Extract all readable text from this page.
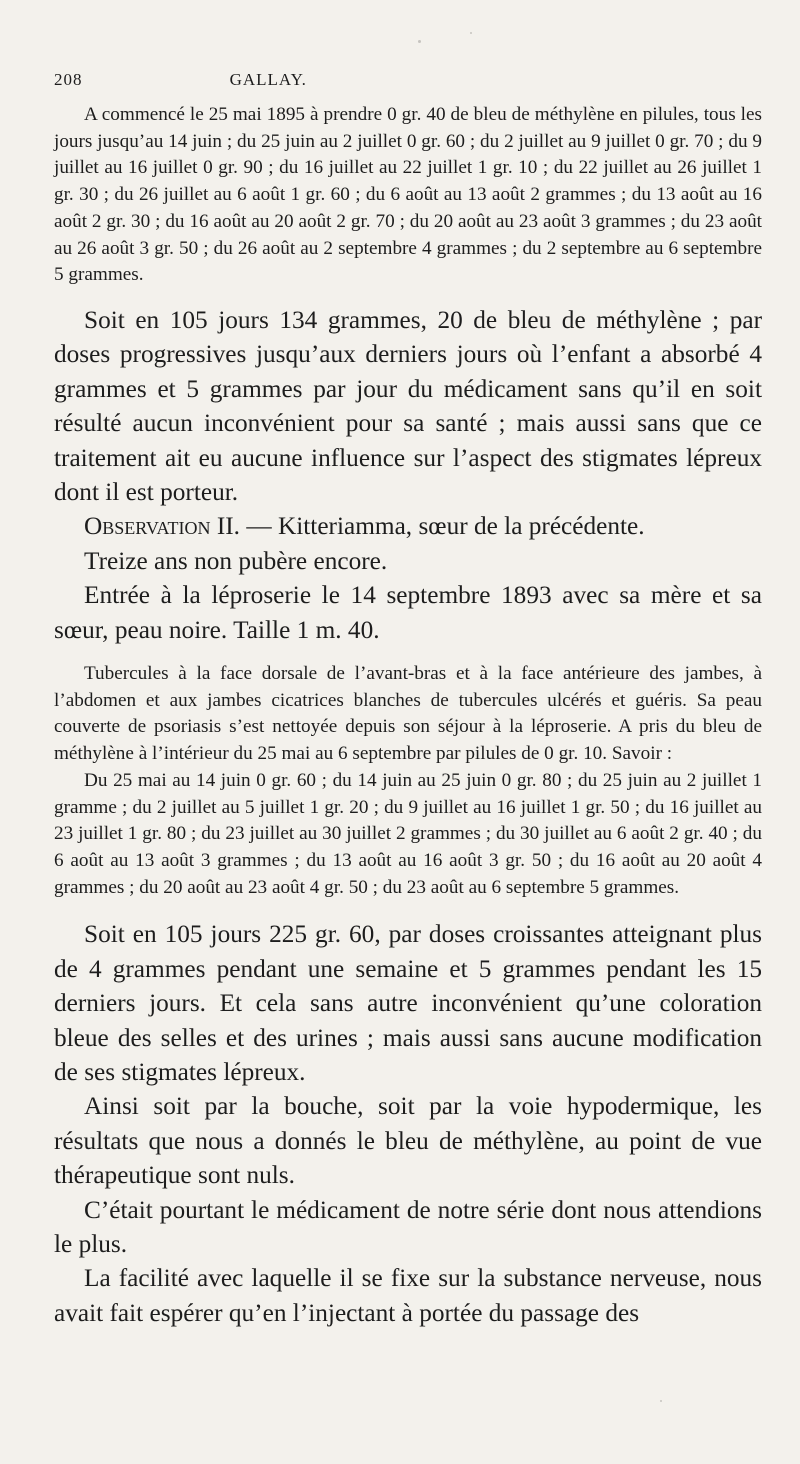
208	GALLAY.

A commencé le 25 mai 1895 à prendre 0 gr. 40 de bleu de méthylène en pilules, tous les jours jusqu’au 14 juin ; du 25 juin au 2 juillet 0 gr. 60 ; du 2 juillet au 9 juillet 0 gr. 70 ; du 9 juillet au 16 juillet 0 gr. 90 ; du 16 juillet au 22 juillet 1 gr. 10 ; du 22 juillet au 26 juillet 1 gr. 30 ; du 26 juillet au 6 août 1 gr. 60 ; du 6 août au 13 août 2 grammes ; du 13 août au 16 août 2 gr. 30 ; du 16 août au 20 août 2 gr. 70 ; du 20 août au 23 août 3 grammes ; du 23 août au 26 août 3 gr. 50 ; du 26 août au 2 septembre 4 grammes ; du 2 septembre au 6 septembre 5 grammes.

Soit en 105 jours 134 grammes, 20 de bleu de méthylène ; par doses progressives jusqu’aux derniers jours où l’enfant a absorbé 4 grammes et 5 grammes par jour du médicament sans qu’il en soit résulté aucun inconvénient pour sa santé ; mais aussi sans que ce traitement ait eu aucune influence sur l’aspect des stigmates lépreux dont il est porteur.

Observation II. — Kitteriamma, sœur de la précédente.

Treize ans non pubère encore.

Entrée à la léproserie le 14 septembre 1893 avec sa mère et sa sœur, peau noire. Taille 1 m. 40.

Tubercules à la face dorsale de l’avant-bras et à la face antérieure des jambes, à l’abdomen et aux jambes cicatrices blanches de tubercules ulcérés et guéris. Sa peau couverte de psoriasis s’est nettoyée depuis son séjour à la léproserie. A pris du bleu de méthylène à l’intérieur du 25 mai au 6 septembre par pilules de 0 gr. 10. Savoir :

Du 25 mai au 14 juin 0 gr. 60 ; du 14 juin au 25 juin 0 gr. 80 ; du 25 juin au 2 juillet 1 gramme ; du 2 juillet au 5 juillet 1 gr. 20 ; du 9 juillet au 16 juillet 1 gr. 50 ; du 16 juillet au 23 juillet 1 gr. 80 ; du 23 juillet au 30 juillet 2 grammes ; du 30 juillet au 6 août 2 gr. 40 ; du 6 août au 13 août 3 grammes ; du 13 août au 16 août 3 gr. 50 ; du 16 août au 20 août 4 grammes ; du 20 août au 23 août 4 gr. 50 ; du 23 août au 6 septembre 5 grammes.

Soit en 105 jours 225 gr. 60, par doses croissantes atteignant plus de 4 grammes pendant une semaine et 5 grammes pendant les 15 derniers jours. Et cela sans autre inconvénient qu’une coloration bleue des selles et des urines ; mais aussi sans aucune modification de ses stigmates lépreux.

Ainsi soit par la bouche, soit par la voie hypodermique, les résultats que nous a donnés le bleu de méthylène, au point de vue thérapeutique sont nuls.

C’était pourtant le médicament de notre série dont nous attendions le plus.

La facilité avec laquelle il se fixe sur la substance nerveuse, nous avait fait espérer qu’en l’injectant à portée du passage des
